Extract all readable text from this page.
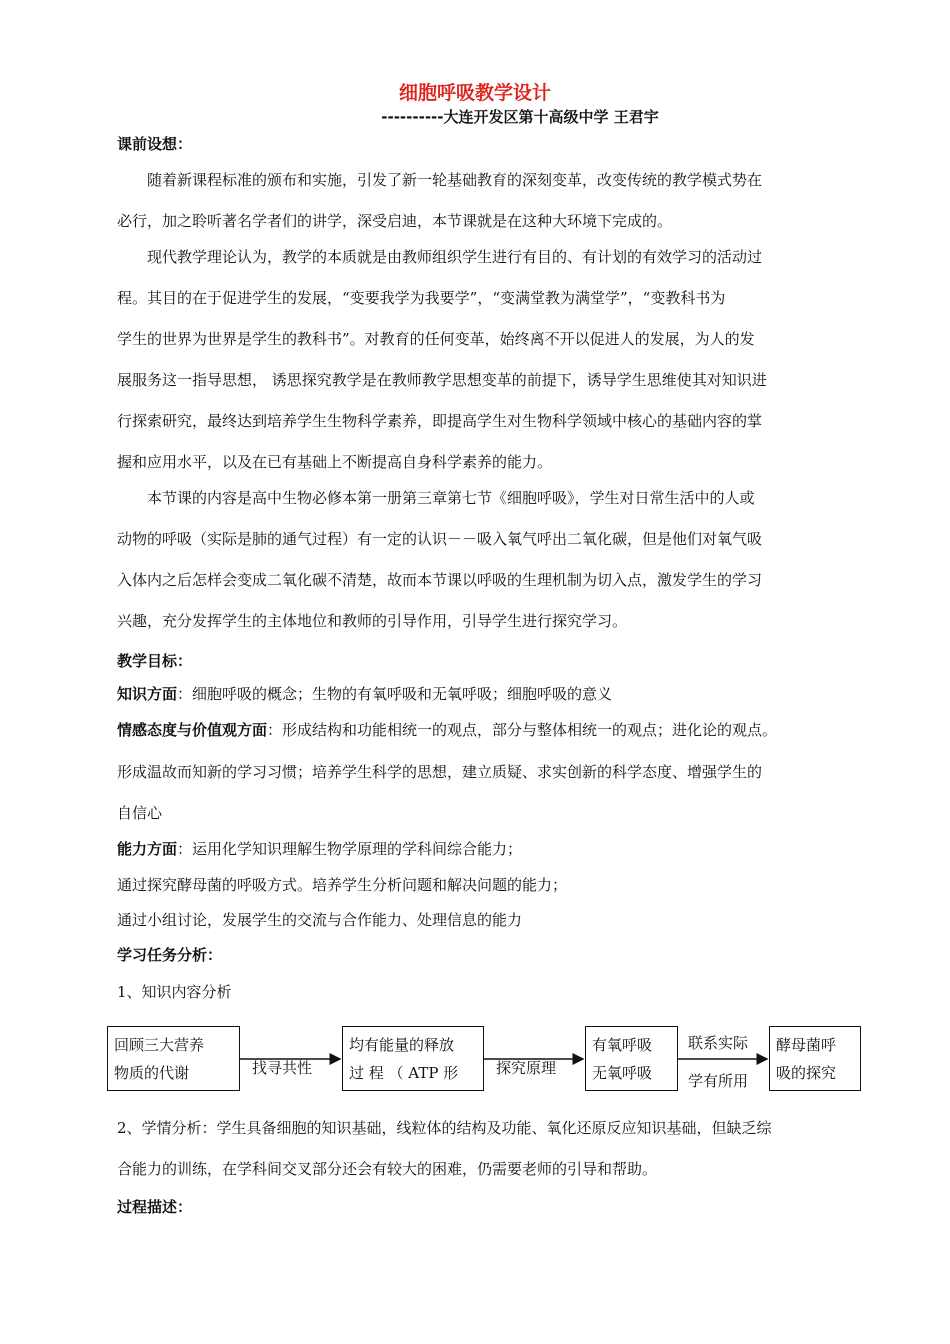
细胞呼吸教学设计
----------大连开发区第十高级中学 王君宇
课前设想：
随着新课程标准的颁布和实施，引发了新一轮基础教育的深刻变革，改变传统的教学模式势在
必行，加之聆听著名学者们的讲学，深受启迪，本节课就是在这种大环境下完成的。
现代教学理论认为，教学的本质就是由教师组织学生进行有目的、有计划的有效学习的活动过
程。其目的在于促进学生的发展，“变要我学为我要学”，“变满堂教为满堂学”，“变教科书为
学生的世界为世界是学生的教科书”。对教育的任何变革，始终离不开以促进人的发展，为人的发
展服务这一指导思想， 诱思探究教学是在教师教学思想变革的前提下，诱导学生思维使其对知识进
行探索研究，最终达到培养学生生物科学素养，即提高学生对生物科学领域中核心的基础内容的掌
握和应用水平，以及在已有基础上不断提高自身科学素养的能力。
本节课的内容是高中生物必修本第一册第三章第七节《细胞呼吸》，学生对日常生活中的人或
动物的呼吸（实际是肺的通气过程）有一定的认识－－吸入氧气呼出二氧化碳，但是他们对氧气吸
入体内之后怎样会变成二氧化碳不清楚，故而本节课以呼吸的生理机制为切入点，激发学生的学习
兴趣，充分发挥学生的主体地位和教师的引导作用，引导学生进行探究学习。
教学目标：
知识方面：细胞呼吸的概念；生物的有氧呼吸和无氧呼吸；细胞呼吸的意义
情感态度与价值观方面：形成结构和功能相统一的观点，部分与整体相统一的观点；进化论的观点。
形成温故而知新的学习习惯；培养学生科学的思想，建立质疑、求实创新的科学态度、增强学生的
自信心
能力方面：运用化学知识理解生物学原理的学科间综合能力；
通过探究酵母菌的呼吸方式。培养学生分析问题和解决问题的能力；
通过小组讨论，发展学生的交流与合作能力、处理信息的能力
学习任务分析：
1、知识内容分析
回顾三大营养
物质的代谢	找寻共性
均有能量的释放
过 程 （ ATP 形	探究原理
有氧呼吸
无氧呼吸
联系实际
学有所用
酵母菌呼
吸的探究
2、学情分析：学生具备细胞的知识基础，线粒体的结构及功能、氧化还原反应知识基础，但缺乏综
合能力的训练，在学科间交叉部分还会有较大的困难，仍需要老师的引导和帮助。
过程描述：
